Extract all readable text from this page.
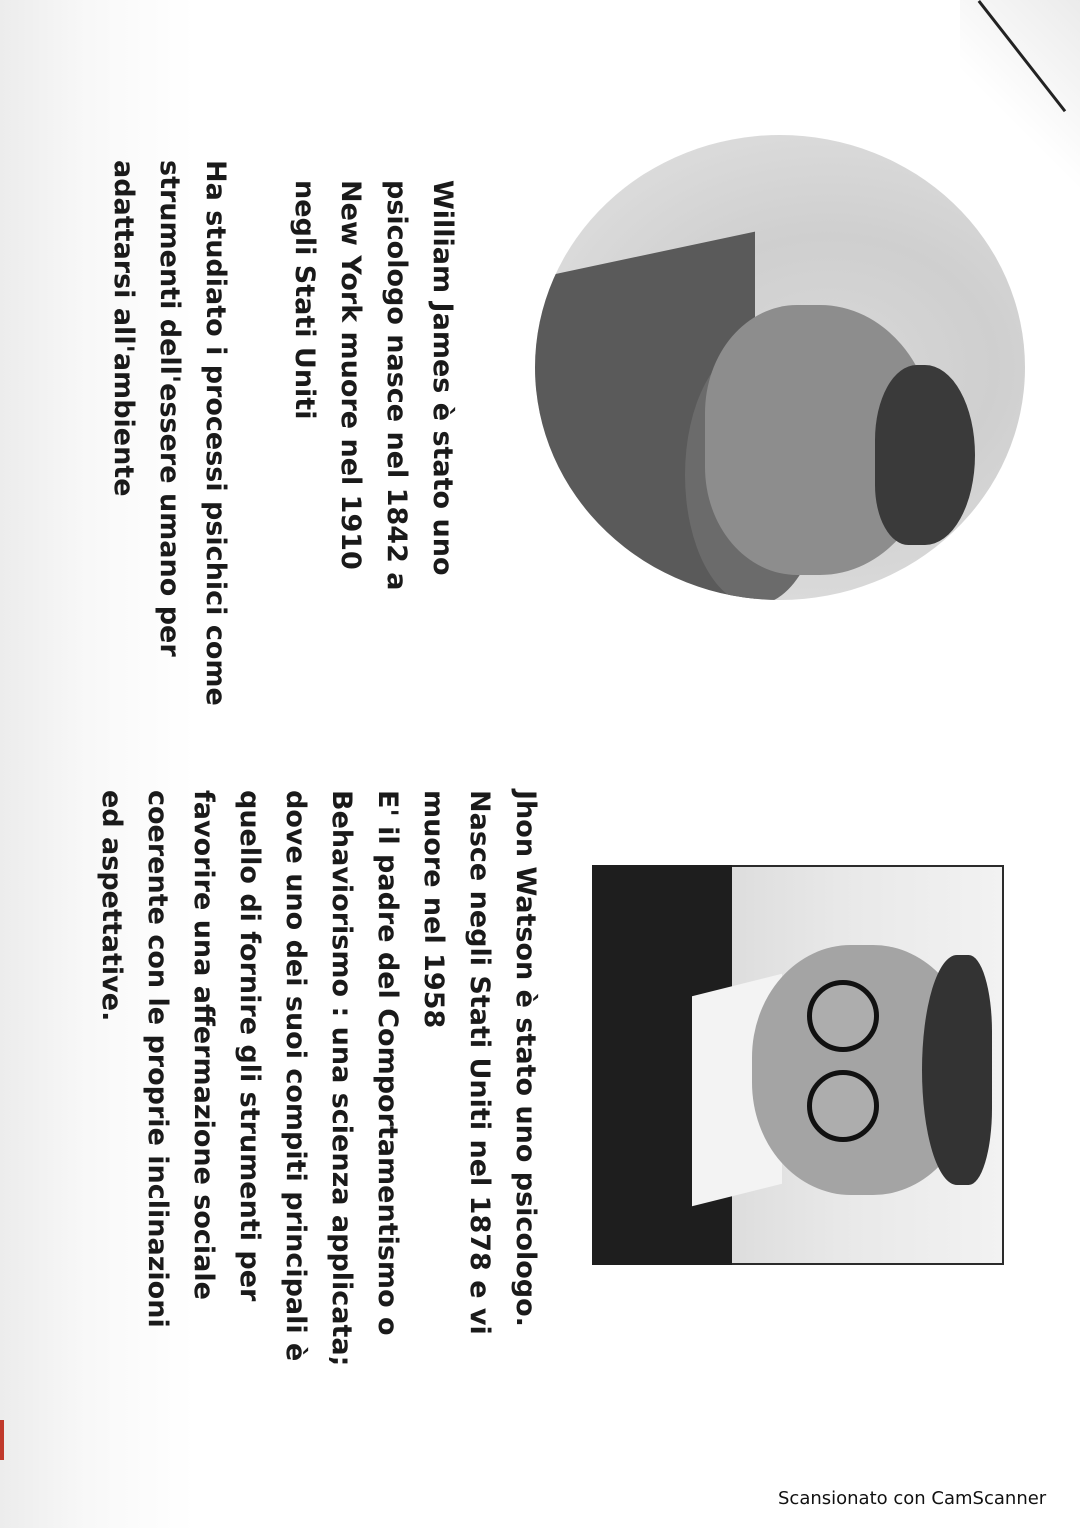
William James è stato uno
psicologo nasce nel 1842 a
New York muore nel 1910
negli Stati Uniti
Ha studiato i processi psichici come
strumenti dell'essere umano per
adattarsi all'ambiente
Jhon Watson è stato uno psicologo.
Nasce negli Stati Uniti nel 1878 e vi
muore nel 1958
E' il padre del Comportamentismo o
Behaviorismo : una scienza applicata;
dove uno dei suoi compiti principali è
quello di fornire gli strumenti per
favorire una affermazione sociale
coerente con le proprie inclinazioni
ed aspettative.
Scansionato con CamScanner
